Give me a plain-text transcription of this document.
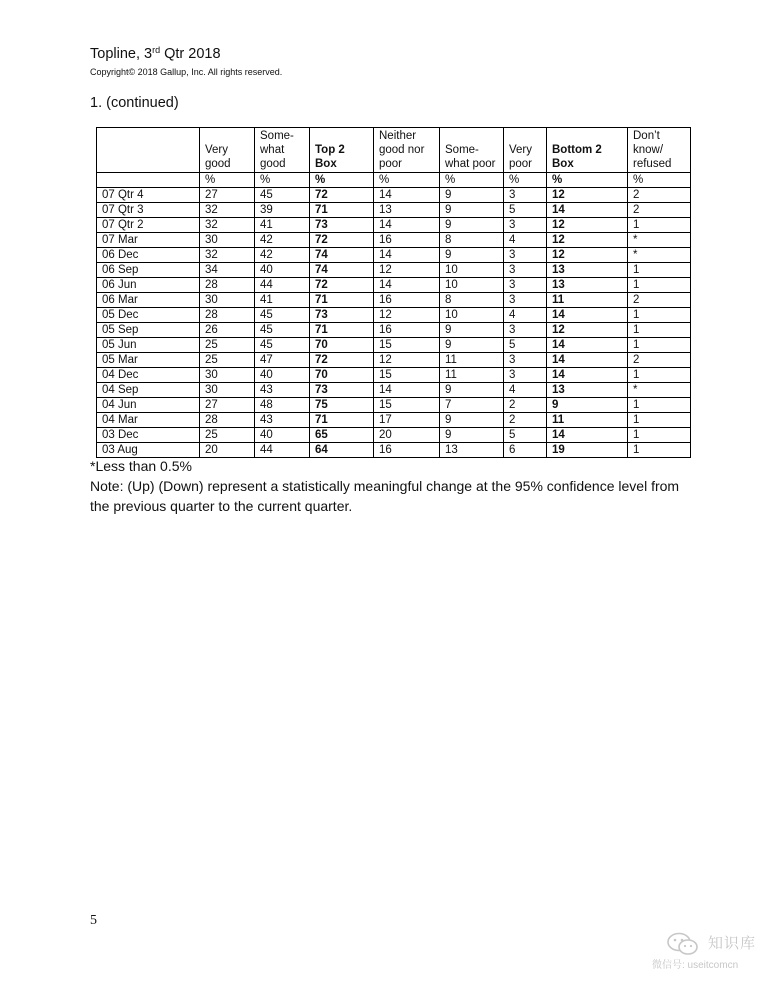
Topline, 3rd Qtr 2018
Copyright© 2018 Gallup, Inc. All rights reserved.
1. (continued)
	Very good	Some-what good	Top 2 Box	Neither good nor poor	Some-what poor	Very poor	Bottom 2 Box	Don’t know/ refused
	%	%	%	%	%	%	%	%
07 Qtr 4	27	45	72	14	9	3	12	2
07 Qtr 3	32	39	71	13	9	5	14	2
07 Qtr 2	32	41	73	14	9	3	12	1
07 Mar	30	42	72	16	8	4	12	*
06 Dec	32	42	74	14	9	3	12	*
06 Sep	34	40	74	12	10	3	13	1
06 Jun	28	44	72	14	10	3	13	1
06 Mar	30	41	71	16	8	3	11	2
05 Dec	28	45	73	12	10	4	14	1
05 Sep	26	45	71	16	9	3	12	1
05 Jun	25	45	70	15	9	5	14	1
05 Mar	25	47	72	12	11	3	14	2
04 Dec	30	40	70	15	11	3	14	1
04 Sep	30	43	73	14	9	4	13	*
04 Jun	27	48	75	15	7	2	9	1
04 Mar	28	43	71	17	9	2	11	1
03 Dec	25	40	65	20	9	5	14	1
03 Aug	20	44	64	16	13	6	19	1
*Less than 0.5%
Note: (Up) (Down) represent a statistically meaningful change at the 95% confidence level from the previous quarter to the current quarter.
5
知识库
微信号: useitcomcn
